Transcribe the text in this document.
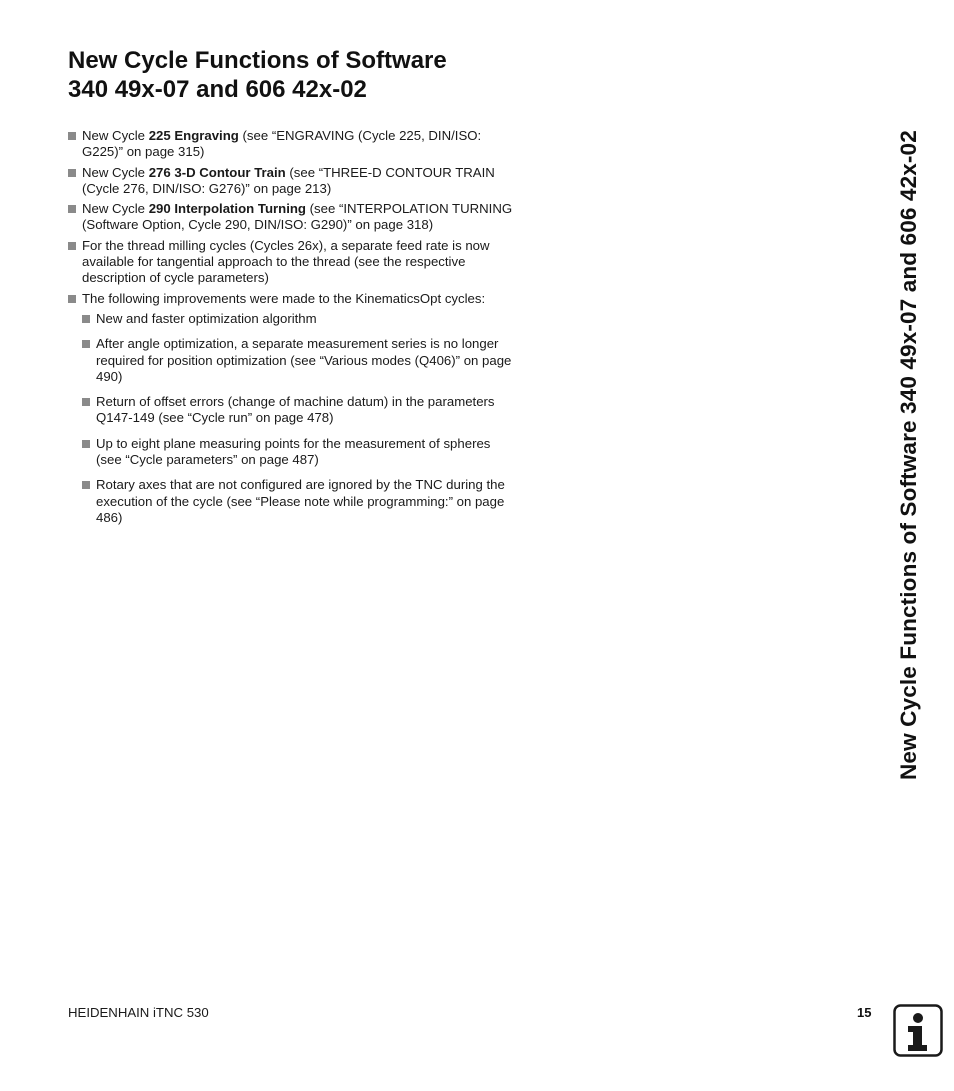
New Cycle Functions of Software
340 49x-07 and 606 42x-02
New Cycle 225 Engraving (see “ENGRAVING (Cycle 225, DIN/ISO: G225)” on page 315)
New Cycle 276 3-D Contour Train (see “THREE-D CONTOUR TRAIN (Cycle 276, DIN/ISO: G276)” on page 213)
New Cycle 290 Interpolation Turning (see “INTERPOLATION TURNING (Software Option, Cycle 290, DIN/ISO: G290)” on page 318)
For the thread milling cycles (Cycles 26x), a separate feed rate is now available for tangential approach to the thread (see the respective description of cycle parameters)
The following improvements were made to the KinematicsOpt cycles:
New and faster optimization algorithm
After angle optimization, a separate measurement series is no longer required for position optimization (see “Various modes (Q406)” on page 490)
Return of offset errors (change of machine datum) in the parameters Q147-149 (see “Cycle run” on page 478)
Up to eight plane measuring points for the measurement of spheres (see “Cycle parameters” on page 487)
Rotary axes that are not configured are ignored by the TNC during the execution of the cycle (see “Please note while programming:” on page 486)	New Cycle Functions of Software 340 49x-07 and 606 42x-02
HEIDENHAIN iTNC 530	15
